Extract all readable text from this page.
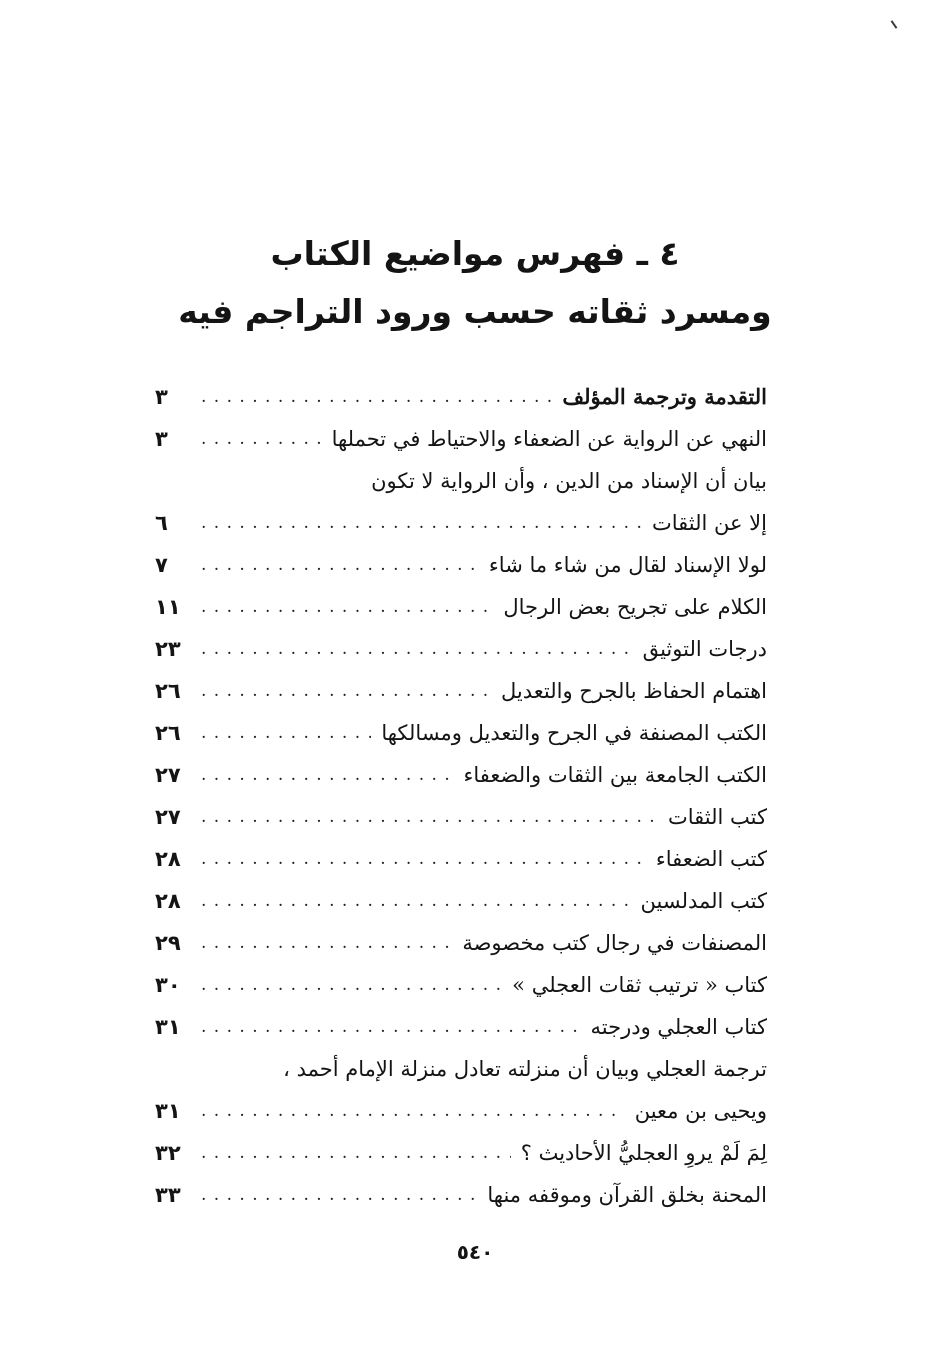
٤ ـ فهرس مواضيع الكتاب
ومسرد ثقاته حسب ورود التراجم فيه
التقدمة وترجمة المؤلف
. . .
٣
النهي عن الرواية عن الضعفاء والاحتياط في تحملها
. . .
٣
بيان أن الإسناد من الدين ، وأن الرواية لا تكون
إلا عن الثقات
. . .
٦
لولا الإسناد لقال من شاء ما شاء
. . .
٧
الكلام على تجريح بعض الرجال
. . .
١١
درجات التوثيق
. . .
٢٣
اهتمام الحفاظ بالجرح والتعديل
. . .
٢٦
الكتب المصنفة في الجرح والتعديل ومسالكها
. . .
٢٦
الكتب الجامعة بين الثقات والضعفاء
. . .
٢٧
كتب الثقات
. . .
٢٧
كتب الضعفاء
. . .
٢٨
كتب المدلسين
. . .
٢٨
المصنفات في رجال كتب مخصوصة
. . .
٢٩
كتاب « ترتيب ثقات العجلي »
. . .
٣٠
كتاب العجلي ودرجته
. . .
٣١
ترجمة العجلي وبيان أن منزلته تعادل منزلة الإمام أحمد ،
ويحيى بن معين
. . .
٣١
لِمَ لَمْ يروِ العجليُّ الأحاديث ؟
. . .
٣٢
المحنة بخلق القرآن وموقفه منها
. . .
٣٣
٥٤٠
